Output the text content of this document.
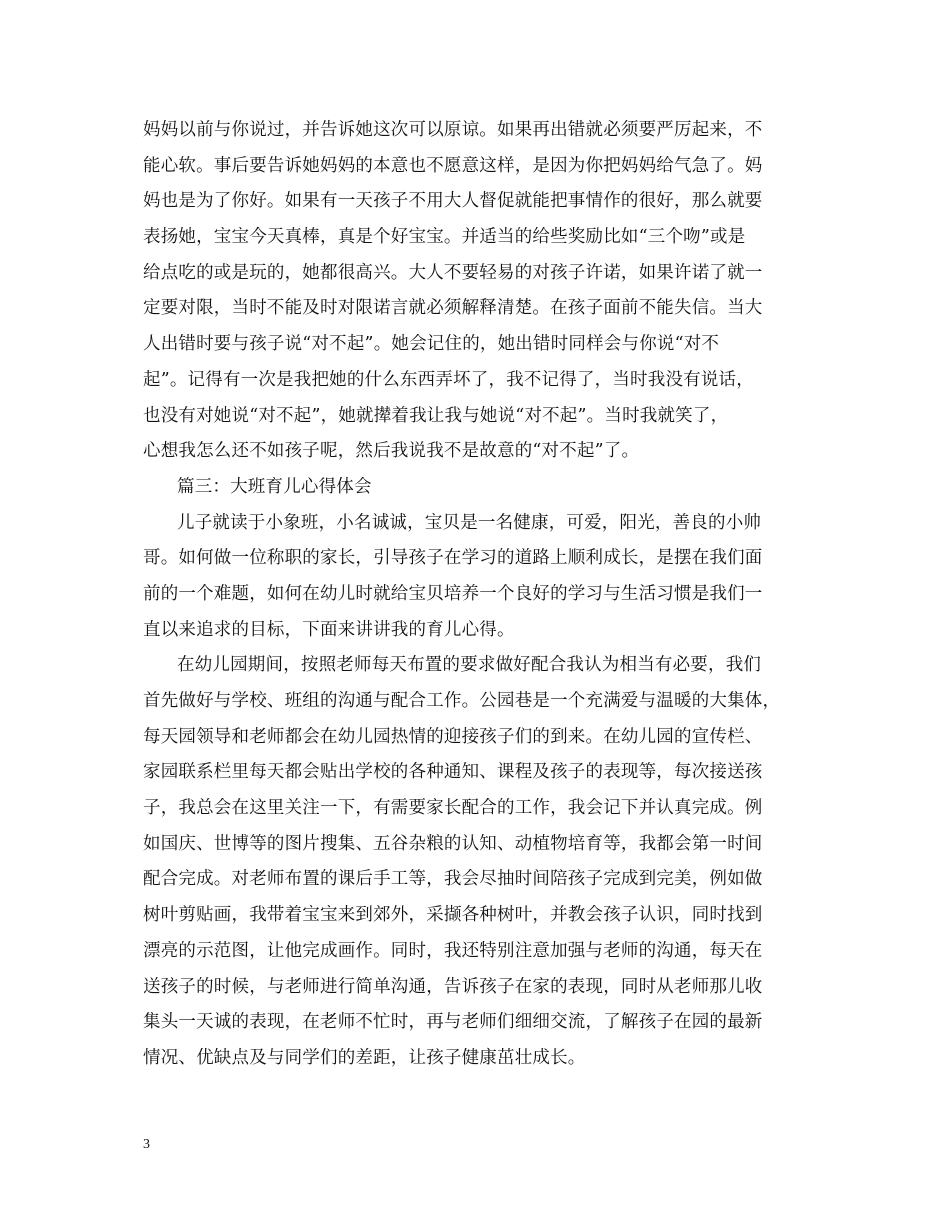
妈妈以前与你说过，并告诉她这次可以原谅。如果再出错就必须要严厉起来，不
能心软。事后要告诉她妈妈的本意也不愿意这样，是因为你把妈妈给气急了。妈
妈也是为了你好。如果有一天孩子不用大人督促就能把事情作的很好，那么就要
表扬她，宝宝今天真棒，真是个好宝宝。并适当的给些奖励比如“三个吻”或是
给点吃的或是玩的，她都很高兴。大人不要轻易的对孩子许诺，如果许诺了就一
定要对限，当时不能及时对限诺言就必须解释清楚。在孩子面前不能失信。当大
人出错时要与孩子说“对不起”。她会记住的，她出错时同样会与你说“对不
起”。记得有一次是我把她的什么东西弄坏了，我不记得了，当时我没有说话，
也没有对她说“对不起”，她就撵着我让我与她说“对不起”。当时我就笑了，
心想我怎么还不如孩子呢，然后我说我不是故意的“对不起”了。
篇三：大班育儿心得体会
儿子就读于小象班，小名诚诚，宝贝是一名健康，可爱，阳光，善良的小帅
哥。如何做一位称职的家长，引导孩子在学习的道路上顺利成长，是摆在我们面
前的一个难题，如何在幼儿时就给宝贝培养一个良好的学习与生活习惯是我们一
直以来追求的目标，下面来讲讲我的育儿心得。
在幼儿园期间，按照老师每天布置的要求做好配合我认为相当有必要，我们
首先做好与学校、班组的沟通与配合工作。公园巷是一个充满爱与温暖的大集体，
每天园领导和老师都会在幼儿园热情的迎接孩子们的到来。在幼儿园的宣传栏、
家园联系栏里每天都会贴出学校的各种通知、课程及孩子的表现等，每次接送孩
子，我总会在这里关注一下，有需要家长配合的工作，我会记下并认真完成。例
如国庆、世博等的图片搜集、五谷杂粮的认知、动植物培育等，我都会第一时间
配合完成。对老师布置的课后手工等，我会尽抽时间陪孩子完成到完美，例如做
树叶剪贴画，我带着宝宝来到郊外，采撷各种树叶，并教会孩子认识，同时找到
漂亮的示范图，让他完成画作。同时，我还特别注意加强与老师的沟通，每天在
送孩子的时候，与老师进行简单沟通，告诉孩子在家的表现，同时从老师那儿收
集头一天诚的表现，在老师不忙时，再与老师们细细交流，了解孩子在园的最新
情况、优缺点及与同学们的差距，让孩子健康茁壮成长。
3
